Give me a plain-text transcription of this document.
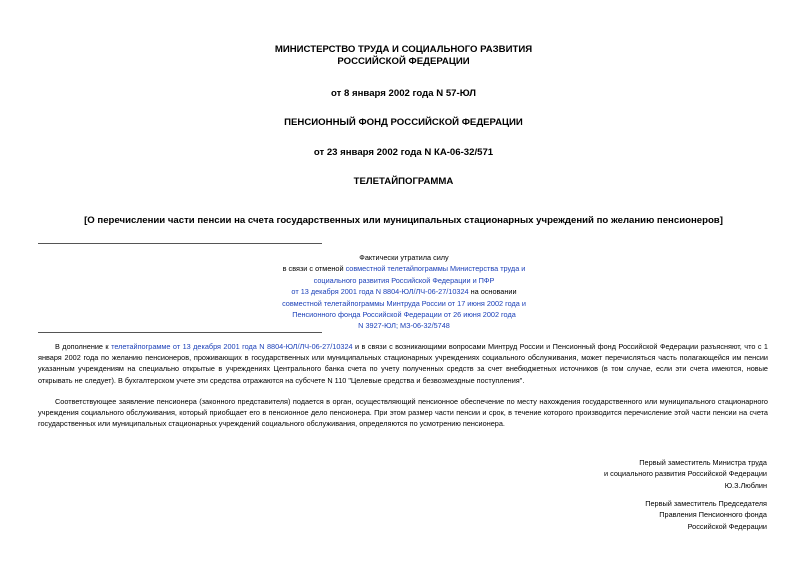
МИНИСТЕРСТВО ТРУДА И СОЦИАЛЬНОГО РАЗВИТИЯ
РОССИЙСКОЙ ФЕДЕРАЦИИ
от 8 января 2002 года N 57-ЮЛ
ПЕНСИОННЫЙ ФОНД РОССИЙСКОЙ ФЕДЕРАЦИИ
от 23 января 2002 года N КА-06-32/571
ТЕЛЕТАЙПОГРАММА
[О перечислении части пенсии на счета государственных или муниципальных стационарных учреждений по желанию пенсионеров]
Фактически утратила силу
в связи с отменой совместной телетайпограммы Министерства труда и
социального развития Российской Федерации и ПФР
от 13 декабря 2001 года N 8804-ЮЛ/ЛЧ-06-27/10324 на основании
совместной телетайпограммы Минтруда России от 17 июня 2002 года и
Пенсионного фонда Российской Федерации от 26 июня 2002 года
N 3927-ЮЛ; МЗ-06-32/5748
В дополнение к телетайпограмме от 13 декабря 2001 года N 8804-ЮЛ/ЛЧ-06-27/10324 и в связи с возникающими вопросами Минтруд России и Пенсионный фонд Российской Федерации разъясняют, что с 1 января 2002 года по желанию пенсионеров, проживающих в государственных или муниципальных стационарных учреждениях социального обслуживания, может перечисляться часть полагающейся им пенсии указанным учреждениям на специально открытые в учреждениях Центрального банка счета по учету полученных средств за счет внебюджетных источников (в том случае, если эти счета имеются, новые открывать не следует). В бухгалтерском учете эти средства отражаются на субсчете N 110 "Целевые средства и безвозмездные поступления".
Соответствующее заявление пенсионера (законного представителя) подается в орган, осуществляющий пенсионное обеспечение по месту нахождения государственного или муниципального стационарного учреждения социального обслуживания, который приобщает его в пенсионное дело пенсионера. При этом размер части пенсии и срок, в течение которого производится перечисление этой части пенсии на счета государственных или муниципальных стационарных учреждений социального обслуживания, определяются по усмотрению пенсионера.
Первый заместитель Министра труда
и социального развития Российской Федерации
Ю.З.Люблин
Первый заместитель Председателя
Правления Пенсионного фонда
Российской Федерации
